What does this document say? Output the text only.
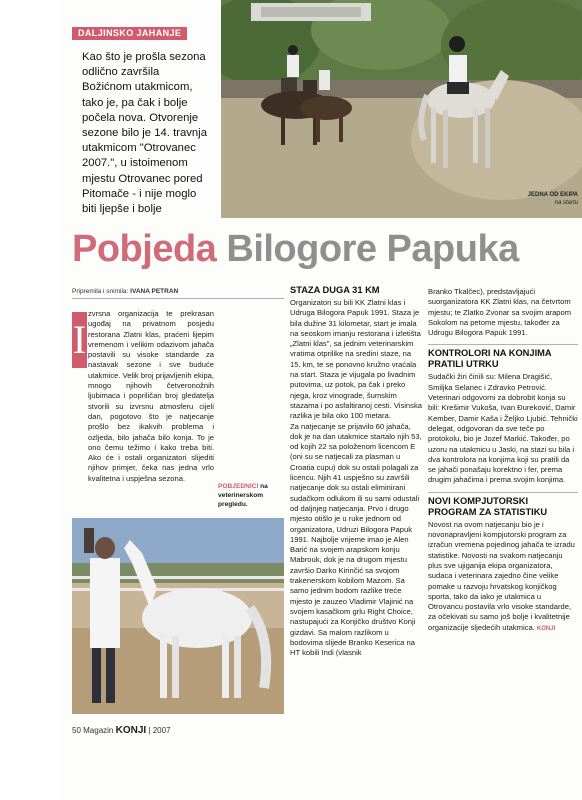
DALJINSKO JAHANJE
Kao što je prošla sezona odlično završila Božićnom utakmicom, tako je, pa čak i bolje počela nova. Otvorenje sezone bilo je 14. travnja utakmicom "Otrovanec 2007.", u istoimenom mjestu Otrovanec pored Pitomače - i nije moglo biti ljepše i bolje
JEDNA OD EKIPA
na startu
Pobjeda Bilogore Papuka
Pripremila i snimila: IVANA PETRAN
I
zvrsna organizacija te prekrasan ugođaj na privatnom posjedu restorana Zlatni klas, praćeni lijepim vremenom i velikim odazivom jahača postavili su visoke standarde za nastavak sezone i sve buduće utakmice. Velik broj prijavljenih ekipa, mnogo njihovih četveronožnih ljubimaca i popriličan broj gledatelja stvorili su izvrsnu atmosferu cijeli dan, pogotovo što je natjecanje prošlo bez ikakvih problema i ozljeda, bilo jahača bilo konja. To je ono čemu težimo i kako treba biti. Ako će i ostali organizatori slijediti njihov primjer, čeka nas jedna vrlo kvalitetna i uspješna sezona.
POBJEDNICI na veterinerskom pregledu.
STAZA DUGA 31 KM

Organizatori su bili KK Zlatni klas i Udruga Bilogora Papuk 1991. Staza je bila dužine 31 kilometar, start je imala na seoskom imanju restorana i izletišta „Zlatni klas", sa jednim veterinarskim vratima otprilike na sredini staze, na 15. km, te se ponovno kružno vraćala na start. Staza je vijugala po livadnim putovima, uz potok, pa čak i preko njega, kroz vinograde, šumskim stazama i po asfaltiranoj cesti. Visinska razlika je bila oko 100 metara.

Za natjecanje se prijavilo 60 jahača, dok je na dan utakmice startalo njih 53, od kojih 22 sa položenom licencom E (oni su se natjecali za plasman u Croatia cupu) dok su ostali polagali za licencu. Njih 41 uspješno su završili natjecanje dok su ostali eliminirani sudačkom odlukom ili su sami odustali od daljnjeg natjecanja. Prvo i drugo mjesto otišlo je u ruke jednom od organizatora, Udruzi Bilogora Papuk 1991. Najbolje vrijeme imao je Alen Barić na svojem arapskom konju Mabrouk, dok je na drugom mjestu završio Darko Kirinčić sa svojom trakenerskom kobilom Mazom. Sa samo jednim bodom razlike treće mjesto je zauzeo Vladimir Vlajinić na svojem kasačkom grlu Right Choice, nastupajući za Konjičko društvo Konji gizdavi. Sa malom razlikom u bodovima slijede Branko Keserica na HT kobili Indi (vlasnik

Branko Tkalčec), predstavljajući suorganizatora KK Zlatni klas, na četvrtom mjestu; te Zlatko Zvonar sa svojim arapom Sokolom na petome mjestu, također za Udrugu Bilogora Papuk 1991.

KONTROLORI NA KONJIMA PRATILI UTRKU

Sudački žiri činili su: Milena Dragišić, Smiljka Selanec i Zdravko Petrović. Veterinari odgovorni za dobrobit konja su bili: Krešimir Vukoša, Ivan Đureković, Damir Kember, Damir Kaša i Željko Ljubić. Tehnički delegat, odgovoran da sve teče po protokolu, bio je Jozef Markić. Također, po uzoru na utakmicu u Jaski, na stazi su bila i dva kontrolora na konjima koji su pratili da se jahači ponašaju korektno i fer, prema drugim jahačima i prema svojim konjima.

NOVI KOMPJUTORSKI PROGRAM ZA STATISTIKU

Novost na ovom natjecanju bio je i novonapravljeni kompjutorski program za izračun vremena pojedinog jahača te izradu statistike. Novosti na svakom natjecanju plus sve ujiganija ekipa organizatora, sudaca i veterinara zajedno čine velike pomake u razvoju hrvatskog konjičkog sporta, tako da iako je utakmica u Otrovancu postavila vrlo visoke standarde, za očekivati su samo još bolje i kvalitetnije organizacije sljedećih utakmica. KONJI

50 Magazin KONJI | 2007
